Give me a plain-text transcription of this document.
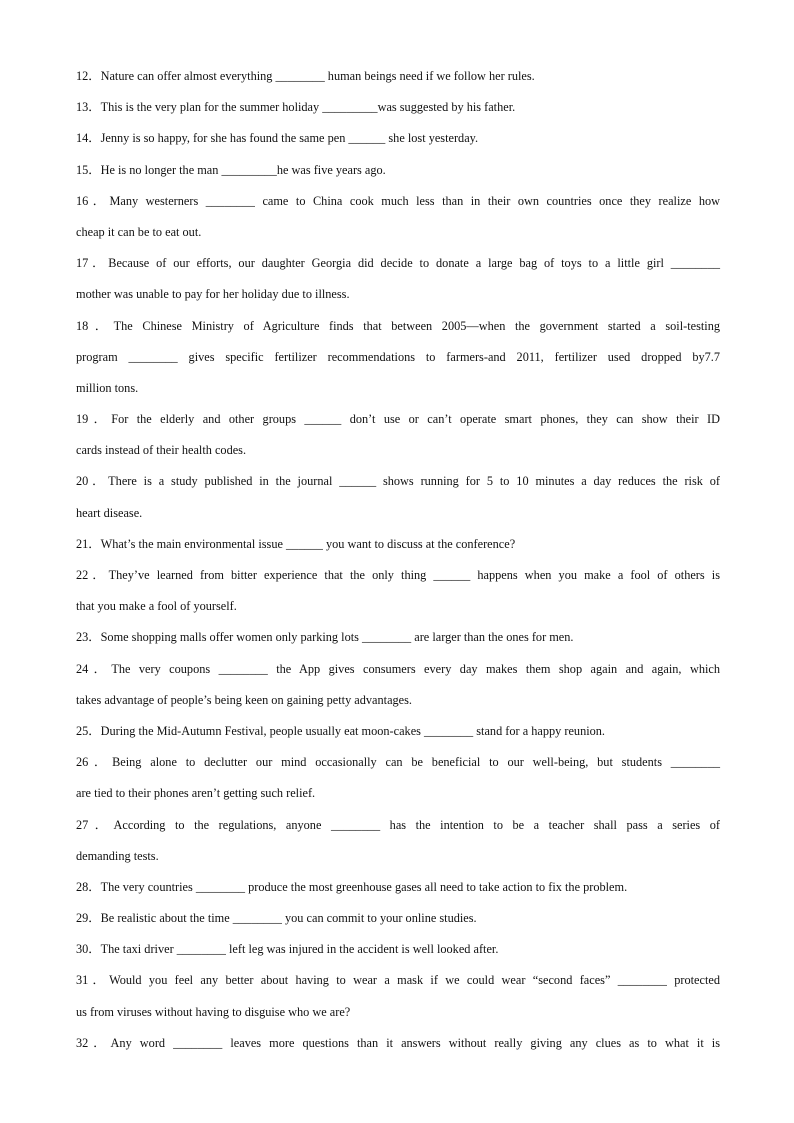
12．Nature can offer almost everything ________ human beings need if we follow her rules.
13．This is the very plan for the summer holiday _________was suggested by his father.
14．Jenny is so happy, for she has found the same pen ______ she lost yesterday.
15．He is no longer the man _________he was five years ago.
16．Many westerners ________ came to China cook much less than in their own countries once they realize how
cheap it can be to eat out.
17．Because of our efforts, our daughter Georgia did decide to donate a large bag of toys to a little girl ________
mother was unable to pay for her holiday due to illness.
18．The Chinese Ministry of Agriculture finds that between 2005—when the government started a soil-testing
program ________ gives specific fertilizer recommendations to farmers-and 2011, fertilizer used dropped by7.7
million tons.
19．For the elderly and other groups ______ don’t use or can’t operate smart phones, they can show their ID
cards instead of their health codes.
20．There is a study published in the journal ______ shows running for 5 to 10 minutes a day reduces the risk of
heart disease.
21．What’s the main environmental issue ______ you want to discuss at the conference?
22．They’ve learned from bitter experience that the only thing ______ happens when you make a fool of others is
that you make a fool of yourself.
23．Some shopping malls offer women only parking lots ________ are larger than the ones for men.
24．The very coupons ________ the App gives consumers every day makes them shop again and again, which
takes advantage of people’s being keen on gaining petty advantages.
25．During the Mid-Autumn Festival, people usually eat moon-cakes ________ stand for a happy reunion.
26．Being alone to declutter our mind occasionally can be beneficial to our well-being, but students ________
are tied to their phones aren’t getting such relief.
27．According to the regulations, anyone ________ has the intention to be a teacher shall pass a series of
demanding tests.
28．The very countries ________ produce the most greenhouse gases all need to take action to fix the problem.
29．Be realistic about the time ________ you can commit to your online studies.
30．The taxi driver ________ left leg was injured in the accident is well looked after.
31．Would you feel any better about having to wear a mask if we could wear “second faces” ________ protected
us from viruses without having to disguise who we are?
32．Any word ________ leaves more questions than it answers without really giving any clues as to what it is
